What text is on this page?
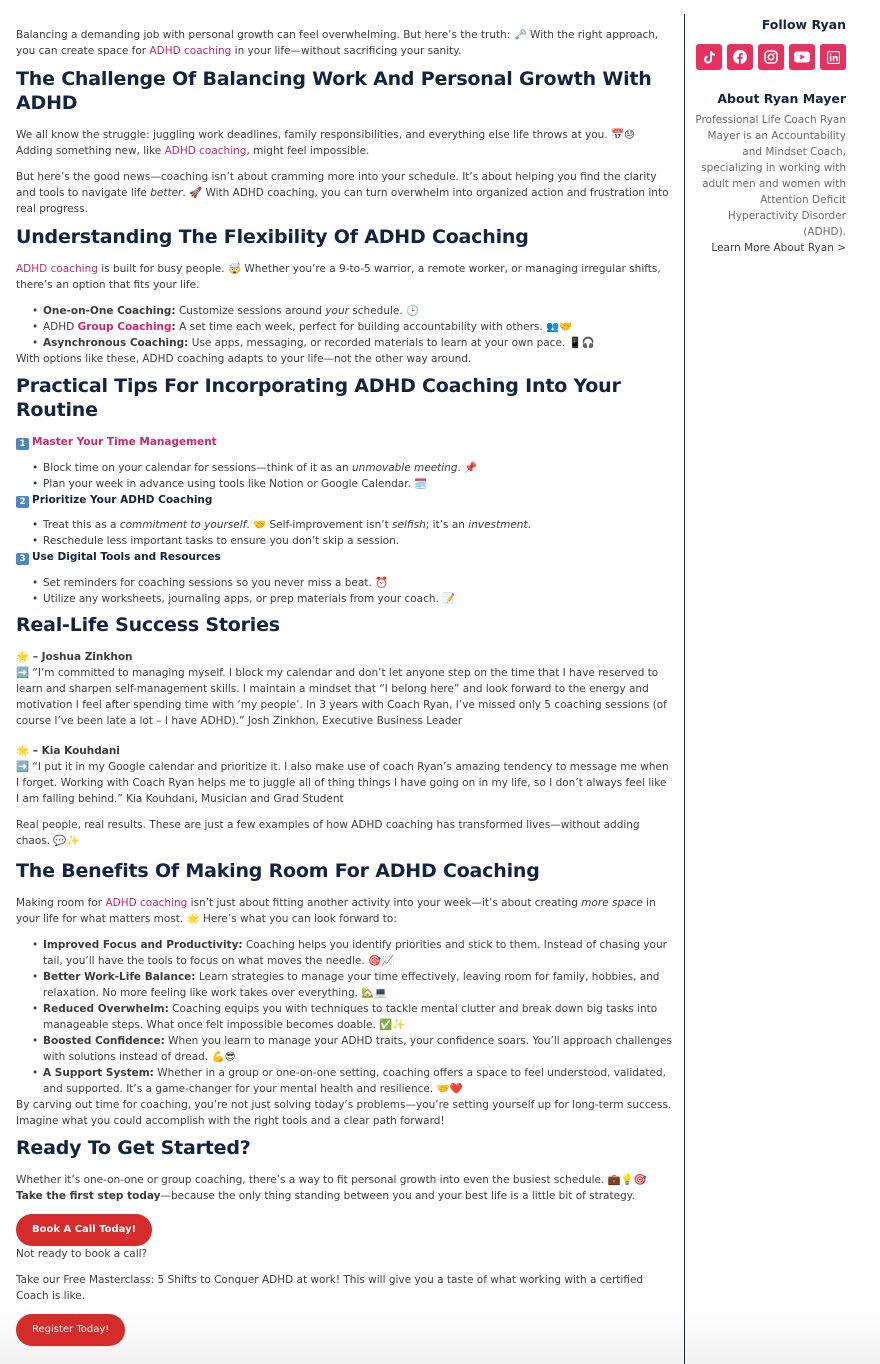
Balancing a demanding job with personal growth can feel overwhelming. But here’s the truth: 🗝️ With the right approach, you can create space for ADHD coaching in your life—without sacrificing your sanity.

The Challenge Of Balancing Work And Personal Growth With ADHD

We all know the struggle: juggling work deadlines, family responsibilities, and everything else life throws at you. 📅😓 Adding something new, like ADHD coaching, might feel impossible.

But here’s the good news—coaching isn’t about cramming more into your schedule. It’s about helping you find the clarity and tools to navigate life better. 🚀 With ADHD coaching, you can turn overwhelm into organized action and frustration into real progress.

Understanding The Flexibility Of ADHD Coaching

ADHD coaching is built for busy people. 🤯 Whether you’re a 9-to-5 warrior, a remote worker, or managing irregular shifts, there’s an option that fits your life.

• One-on-One Coaching: Customize sessions around your schedule. 🕒
• ADHD Group Coaching: A set time each week, perfect for building accountability with others. 👥🤝
• Asynchronous Coaching: Use apps, messaging, or recorded materials to learn at your own pace. 📱🎧

With options like these, ADHD coaching adapts to your life—not the other way around.

Practical Tips For Incorporating ADHD Coaching Into Your Routine
1 Master Your Time Management
• Block time on your calendar for sessions—think of it as an unmovable meeting. 📌
• Plan your week in advance using tools like Notion or Google Calendar. 🗓️
2 Prioritize Your ADHD Coaching
• Treat this as a commitment to yourself. 🤝 Self-improvement isn’t selfish; it’s an investment.
• Reschedule less important tasks to ensure you don’t skip a session.
3 Use Digital Tools and Resources
• Set reminders for coaching sessions so you never miss a beat. ⏰
• Utilize any worksheets, journaling apps, or prep materials from your coach. 📝
Real-Life Success Stories
🌟 – Joshua Zinkhon

➡️ “I’m committed to managing myself. I block my calendar and don’t let anyone step on the time that I have reserved to learn and sharpen self-management skills. I maintain a mindset that “I belong here” and look forward to the energy and motivation I feel after spending time with ‘my people’. In 3 years with Coach Ryan, I’ve missed only 5 coaching sessions (of course I’ve been late a lot – I have ADHD).” Josh Zinkhon, Executive Business Leader

🌟 – Kia Kouhdani

➡️ “I put it in my Google calendar and prioritize it. I also make use of coach Ryan’s amazing tendency to message me when I forget. Working with Coach Ryan helps me to juggle all of thing things I have going on in my life, so I don’t always feel like I am falling behind.” Kia Kouhdani, Musician and Grad Student

Real people, real results. These are just a few examples of how ADHD coaching has transformed lives—without adding chaos. 💬✨

The Benefits Of Making Room For ADHD Coaching

Making room for ADHD coaching isn’t just about fitting another activity into your week—it’s about creating more space in your life for what matters most. 🌟 Here’s what you can look forward to:

• Improved Focus and Productivity: Coaching helps you identify priorities and stick to them. Instead of chasing your tail, you’ll have the tools to focus on what moves the needle. 🎯📈
• Better Work-Life Balance: Learn strategies to manage your time effectively, leaving room for family, hobbies, and relaxation. No more feeling like work takes over everything. 🏡💻
• Reduced Overwhelm: Coaching equips you with techniques to tackle mental clutter and break down big tasks into manageable steps. What once felt impossible becomes doable. ✅✨
• Boosted Confidence: When you learn to manage your ADHD traits, your confidence soars. You’ll approach challenges with solutions instead of dread. 💪😎
• A Support System: Whether in a group or one-on-one setting, coaching offers a space to feel understood, validated, and supported. It’s a game-changer for your mental health and resilience. 🤝❤️

By carving out time for coaching, you’re not just solving today’s problems—you’re setting yourself up for long-term success. Imagine what you could accomplish with the right tools and a clear path forward!

Ready To Get Started?

Whether it’s one-on-one or group coaching, there’s a way to fit personal growth into even the busiest schedule. 💼💡🎯 Take the first step today—because the only thing standing between you and your best life is a little bit of strategy.

Book A Call Today!

Not ready to book a call?

Take our Free Masterclass: 5 Shifts to Conquer ADHD at work! This will give you a taste of what working with a certified Coach is like.

Register Today!
Follow Ryan
About Ryan Mayer
Professional Life Coach Ryan Mayer is an Accountability and Mindset Coach, specializing in working with adult men and women with Attention Deficit Hyperactivity Disorder (ADHD).
Learn More About Ryan >
